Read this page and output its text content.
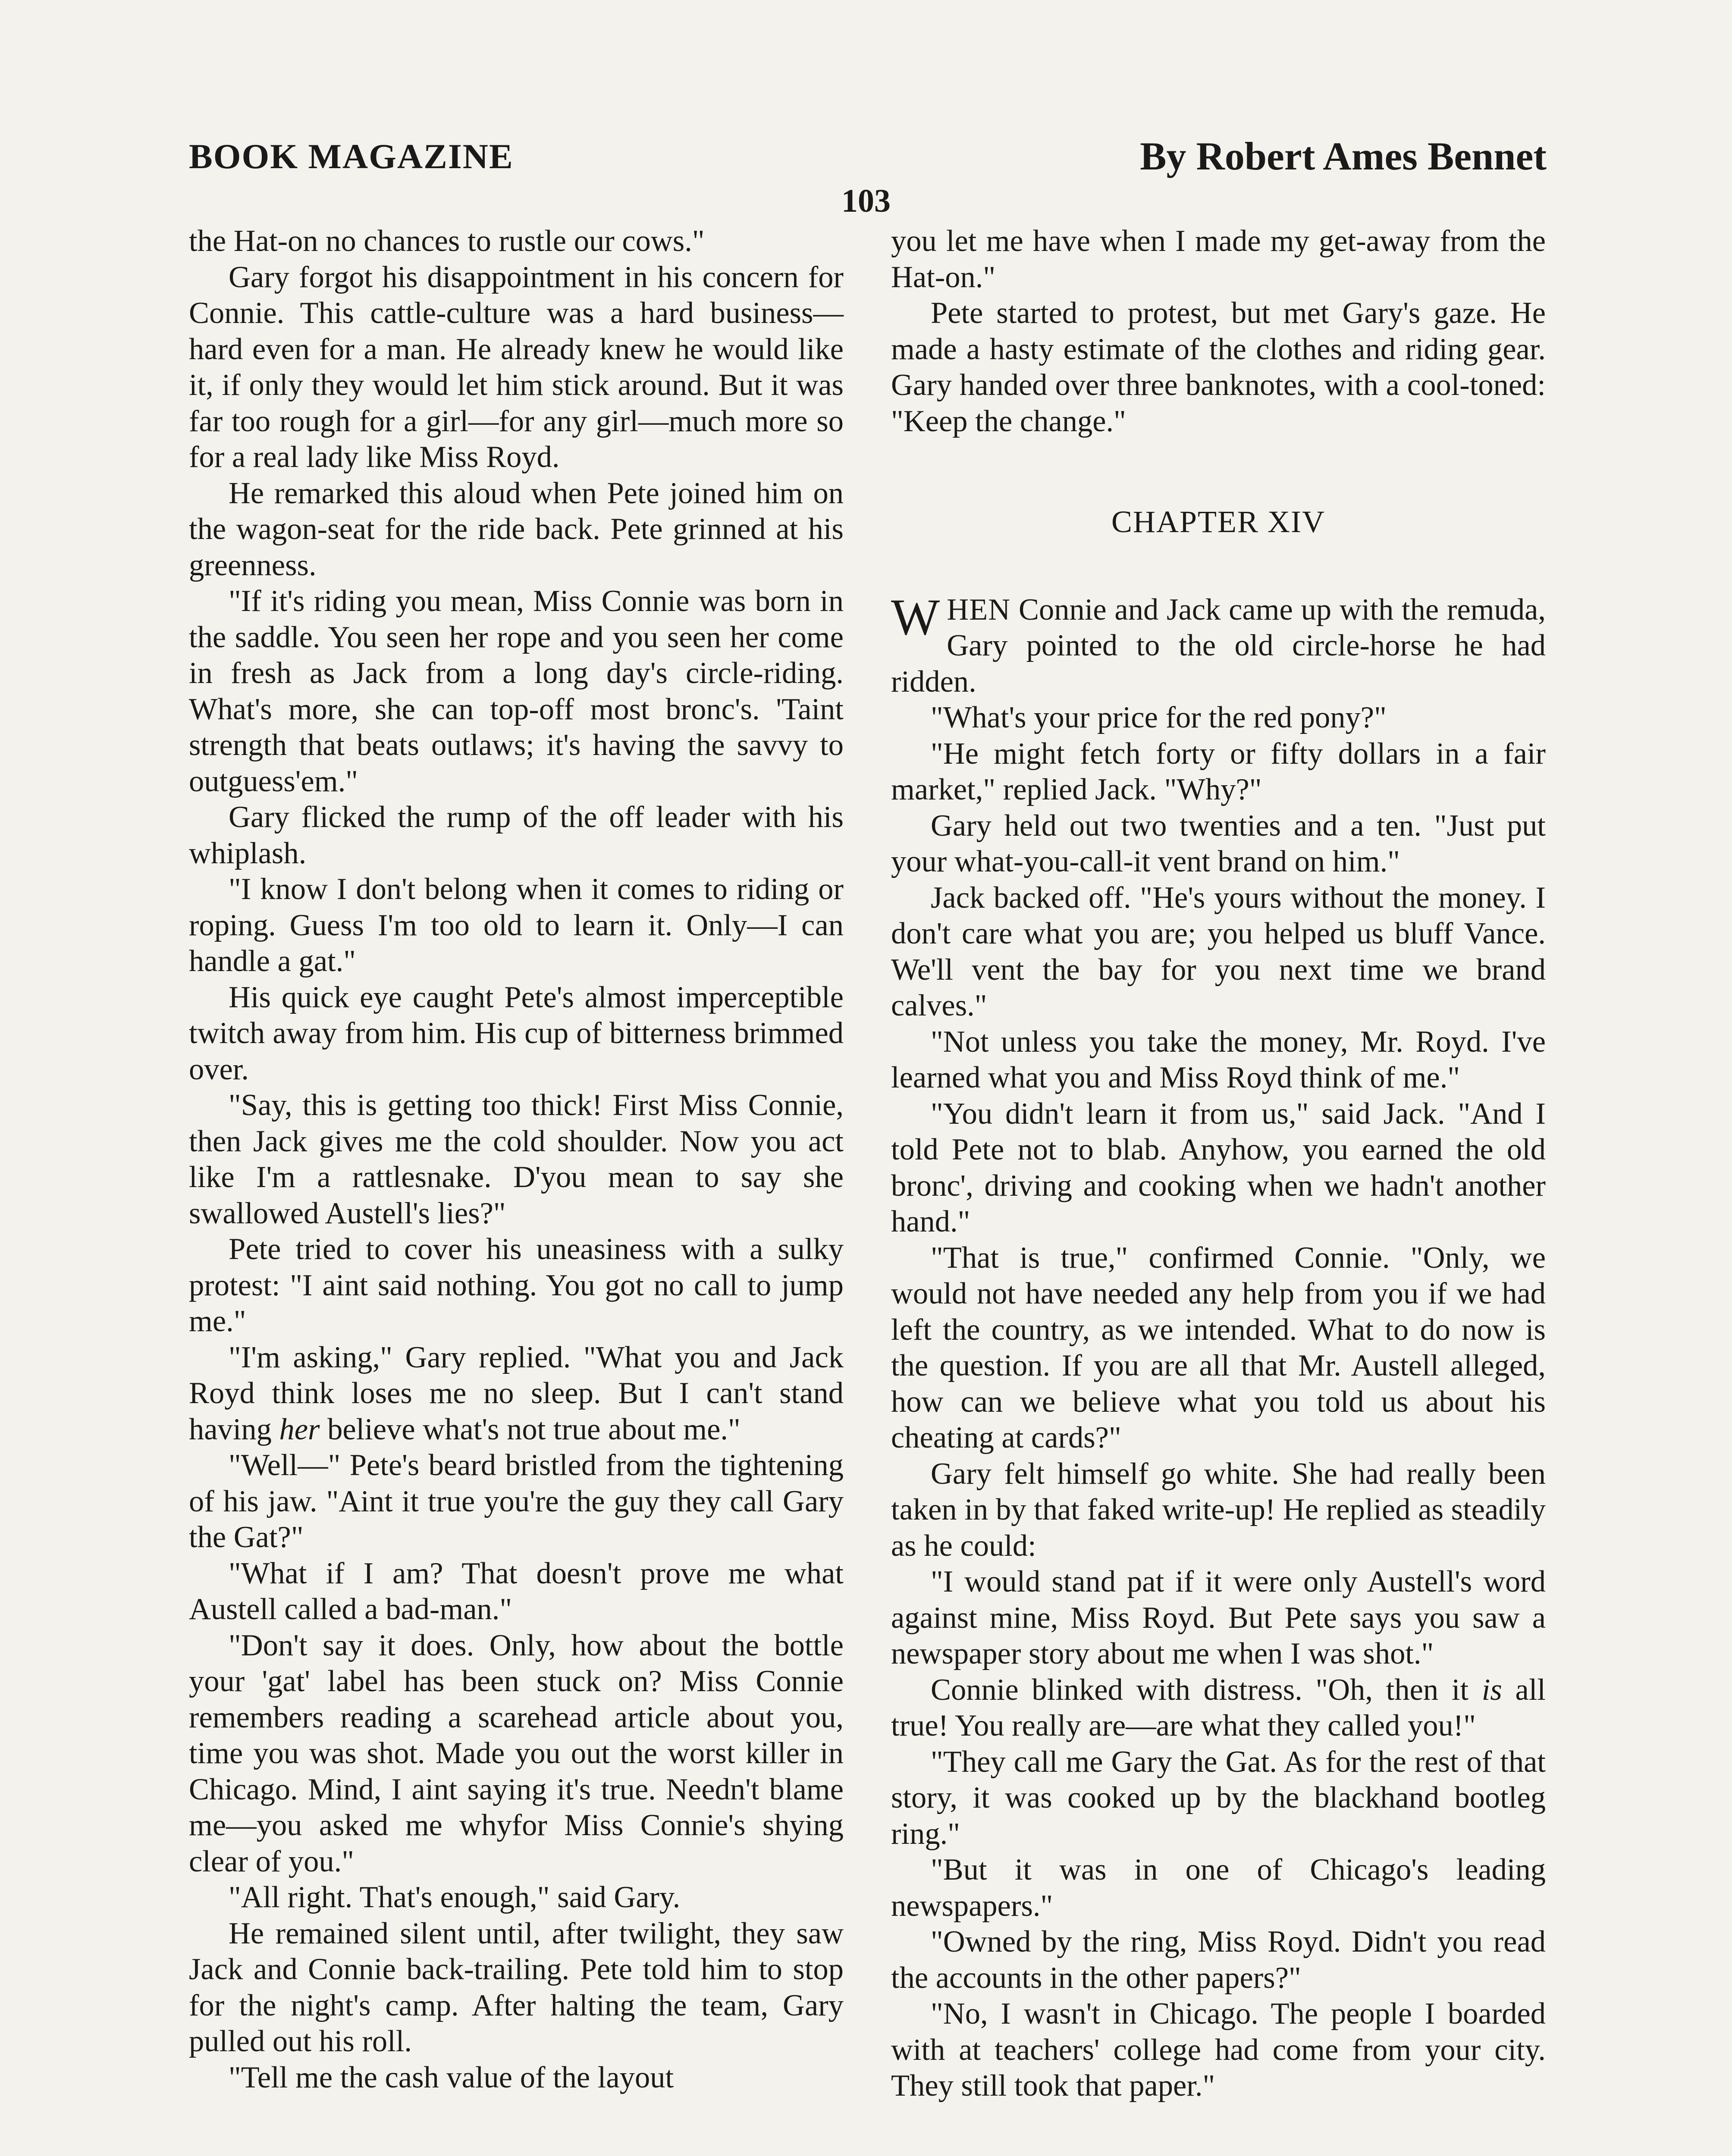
BOOK MAGAZINE	By Robert Ames Bennet
103

the Hat-on no chances to rustle our cows."

Gary forgot his disappointment in his concern for Connie. This cattle-culture was a hard business—hard even for a man. He already knew he would like it, if only they would let him stick around. But it was far too rough for a girl—for any girl—much more so for a real lady like Miss Royd.

He remarked this aloud when Pete joined him on the wagon-seat for the ride back. Pete grinned at his greenness.

"If it's riding you mean, Miss Connie was born in the saddle. You seen her rope and you seen her come in fresh as Jack from a long day's circle-riding. What's more, she can top-off most bronc's. 'Taint strength that beats outlaws; it's having the savvy to outguess'em."

Gary flicked the rump of the off leader with his whiplash.

"I know I don't belong when it comes to riding or roping. Guess I'm too old to learn it. Only—I can handle a gat."

His quick eye caught Pete's almost imperceptible twitch away from him. His cup of bitterness brimmed over.

"Say, this is getting too thick! First Miss Connie, then Jack gives me the cold shoulder. Now you act like I'm a rattlesnake. D'you mean to say she swallowed Austell's lies?"

Pete tried to cover his uneasiness with a sulky protest: "I aint said nothing. You got no call to jump me."

"I'm asking," Gary replied. "What you and Jack Royd think loses me no sleep. But I can't stand having her believe what's not true about me."

"Well—" Pete's beard bristled from the tightening of his jaw. "Aint it true you're the guy they call Gary the Gat?"

"What if I am? That doesn't prove me what Austell called a bad-man."

"Don't say it does. Only, how about the bottle your 'gat' label has been stuck on? Miss Connie remembers reading a scarehead article about you, time you was shot. Made you out the worst killer in Chicago. Mind, I aint saying it's true. Needn't blame me—you asked me whyfor Miss Connie's shying clear of you."

"All right. That's enough," said Gary.

He remained silent until, after twilight, they saw Jack and Connie back-trailing. Pete told him to stop for the night's camp. After halting the team, Gary pulled out his roll.

"Tell me the cash value of the layout

you let me have when I made my get-away from the Hat-on."

Pete started to protest, but met Gary's gaze. He made a hasty estimate of the clothes and riding gear. Gary handed over three banknotes, with a cool-toned: "Keep the change."

CHAPTER XIV

WHEN Connie and Jack came up with the remuda, Gary pointed to the old circle-horse he had ridden.

"What's your price for the red pony?"

"He might fetch forty or fifty dollars in a fair market," replied Jack. "Why?"

Gary held out two twenties and a ten. "Just put your what-you-call-it vent brand on him."

Jack backed off. "He's yours without the money. I don't care what you are; you helped us bluff Vance. We'll vent the bay for you next time we brand calves."

"Not unless you take the money, Mr. Royd. I've learned what you and Miss Royd think of me."

"You didn't learn it from us," said Jack. "And I told Pete not to blab. Anyhow, you earned the old bronc', driving and cooking when we hadn't another hand."

"That is true," confirmed Connie. "Only, we would not have needed any help from you if we had left the country, as we intended. What to do now is the question. If you are all that Mr. Austell alleged, how can we believe what you told us about his cheating at cards?"

Gary felt himself go white. She had really been taken in by that faked write-up! He replied as steadily as he could:

"I would stand pat if it were only Austell's word against mine, Miss Royd. But Pete says you saw a newspaper story about me when I was shot."

Connie blinked with distress. "Oh, then it is all true! You really are—are what they called you!"

"They call me Gary the Gat. As for the rest of that story, it was cooked up by the blackhand bootleg ring."

"But it was in one of Chicago's leading newspapers."

"Owned by the ring, Miss Royd. Didn't you read the accounts in the other papers?"

"No, I wasn't in Chicago. The people I boarded with at teachers' college had come from your city. They still took that paper."
